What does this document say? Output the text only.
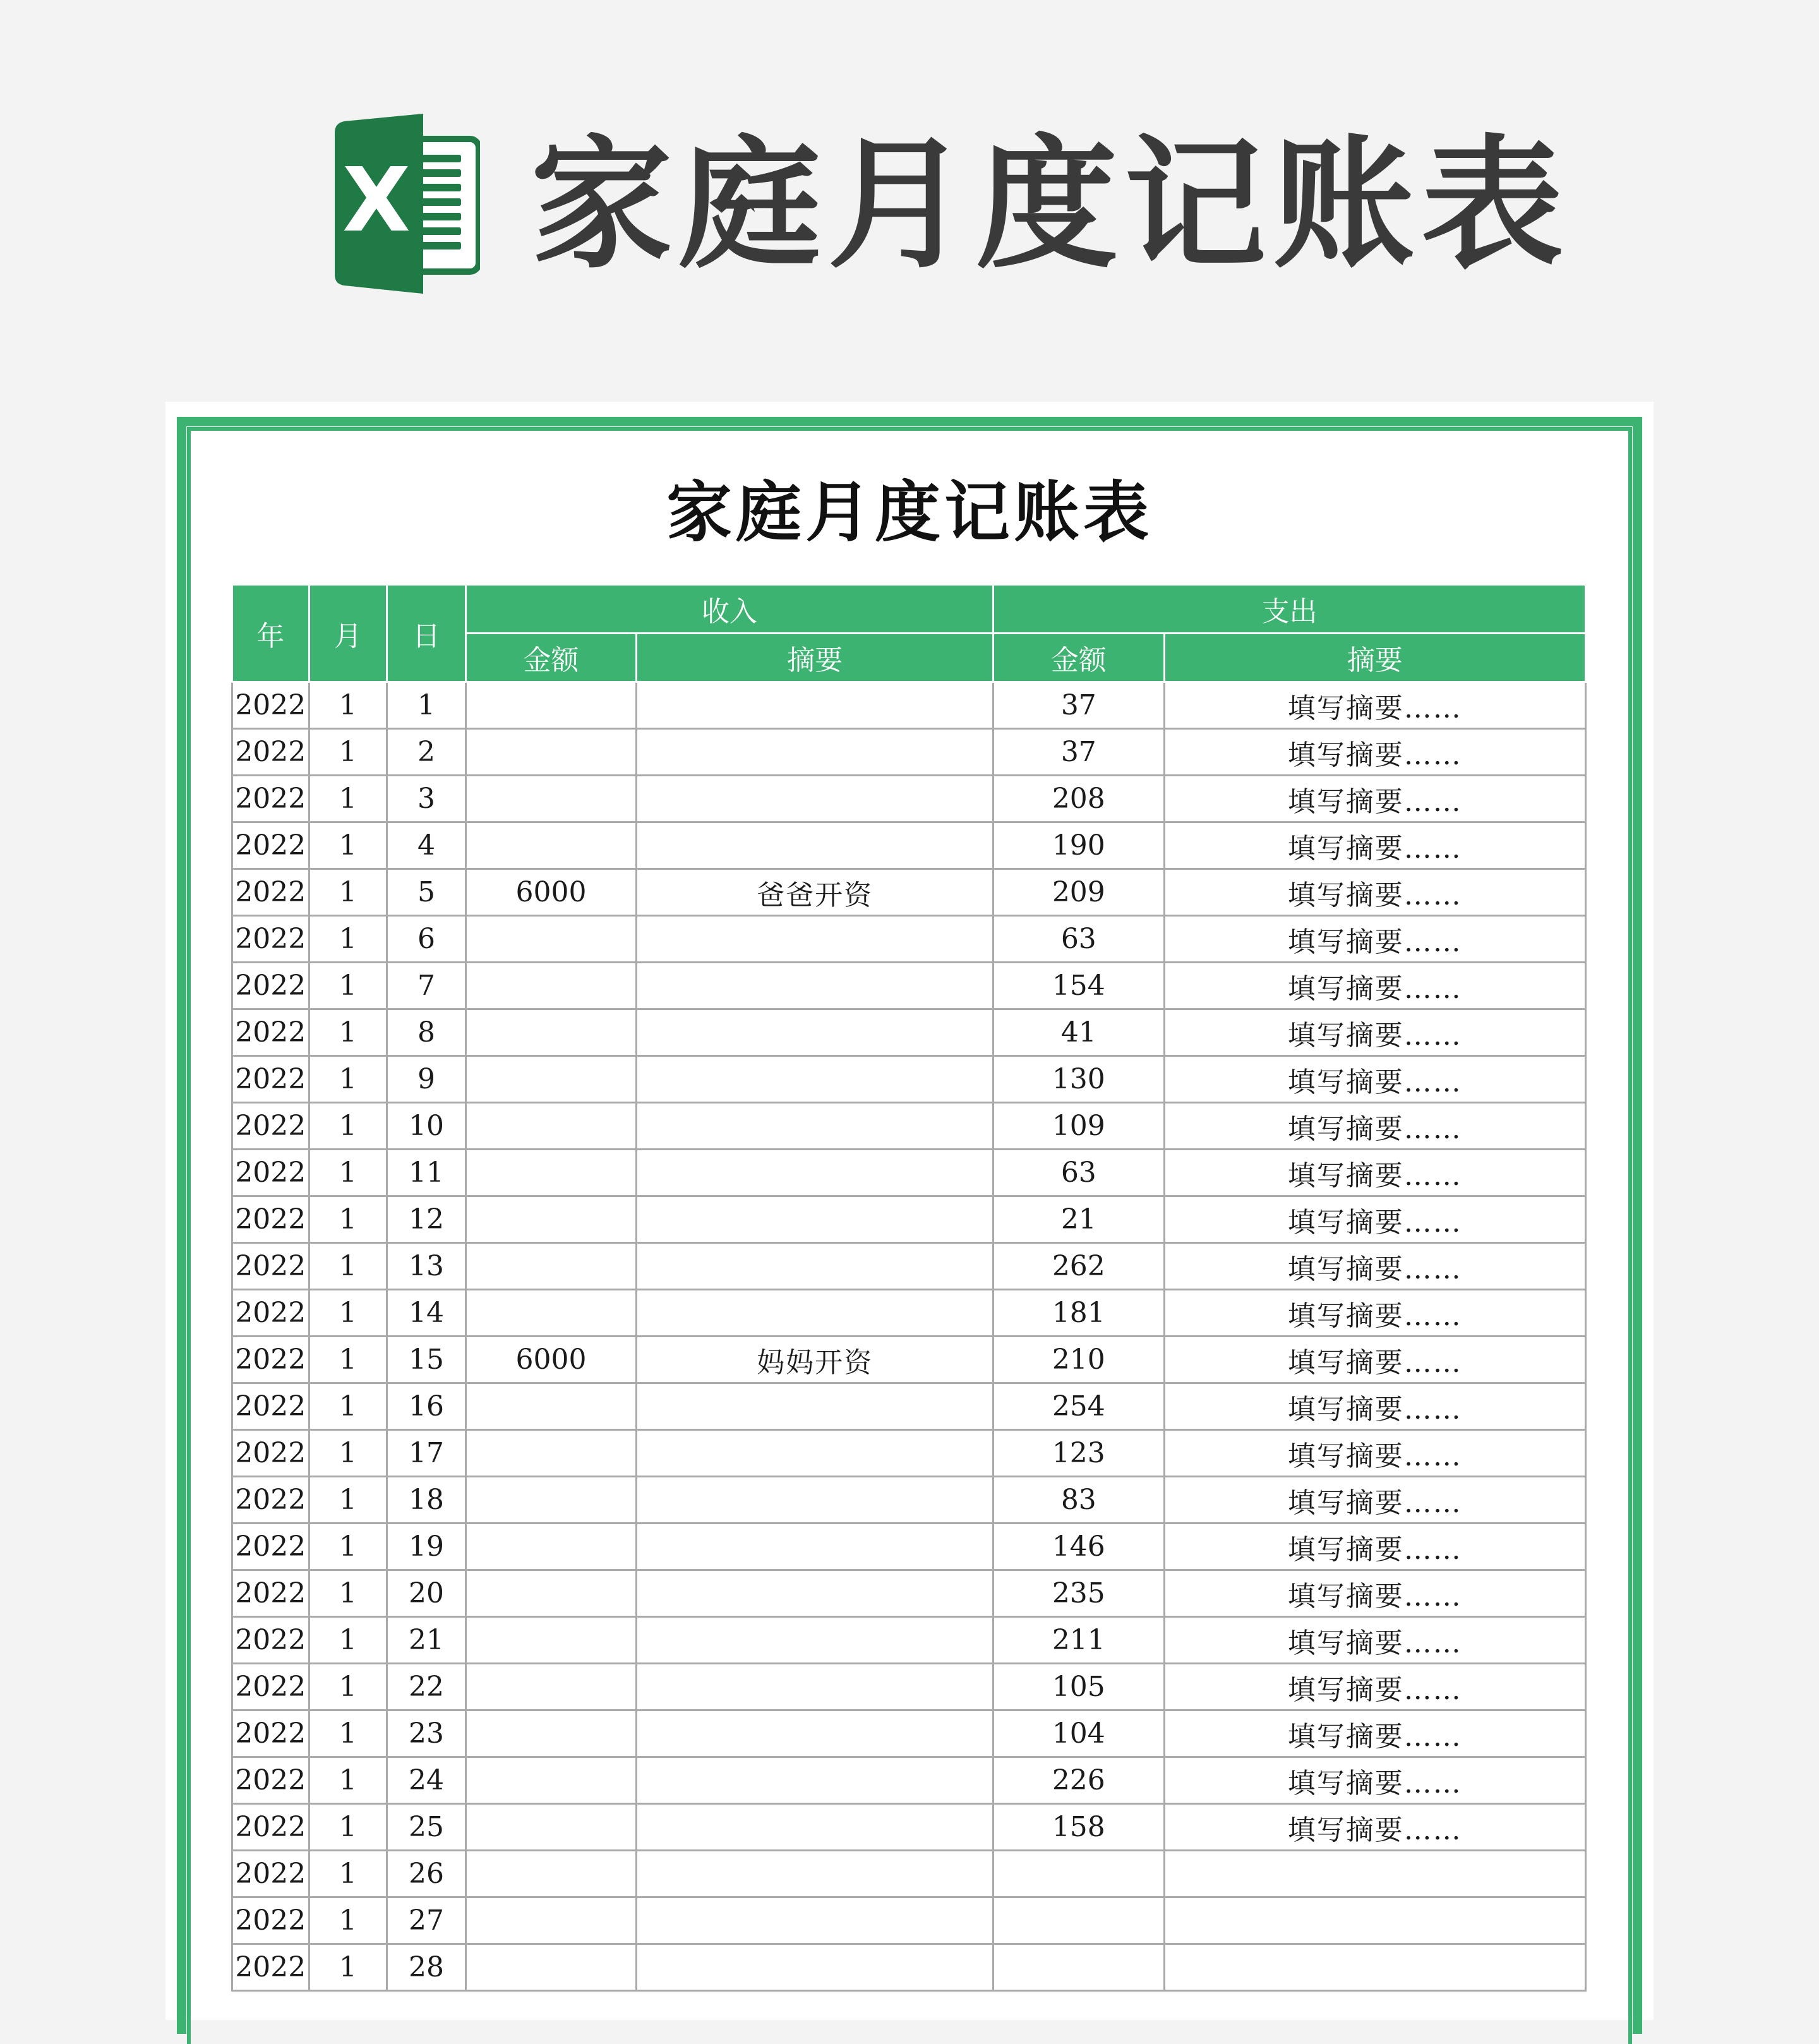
X 家庭月度记账表
家庭月度记账表
年	月	日	收入		支出	
			金额	摘要	金额	摘要
2022	1	1			37	填写摘要……
2022	1	2			37	填写摘要……
2022	1	3			208	填写摘要……
2022	1	4			190	填写摘要……
2022	1	5	6000	爸爸开资	209	填写摘要……
2022	1	6			63	填写摘要……
2022	1	7			154	填写摘要……
2022	1	8			41	填写摘要……
2022	1	9			130	填写摘要……
2022	1	10			109	填写摘要……
2022	1	11			63	填写摘要……
2022	1	12			21	填写摘要……
2022	1	13			262	填写摘要……
2022	1	14			181	填写摘要……
2022	1	15	6000	妈妈开资	210	填写摘要……
2022	1	16			254	填写摘要……
2022	1	17			123	填写摘要……
2022	1	18			83	填写摘要……
2022	1	19			146	填写摘要……
2022	1	20			235	填写摘要……
2022	1	21			211	填写摘要……
2022	1	22			105	填写摘要……
2022	1	23			104	填写摘要……
2022	1	24			226	填写摘要……
2022	1	25			158	填写摘要……
2022	1	26				
2022	1	27				
2022	1	28				
